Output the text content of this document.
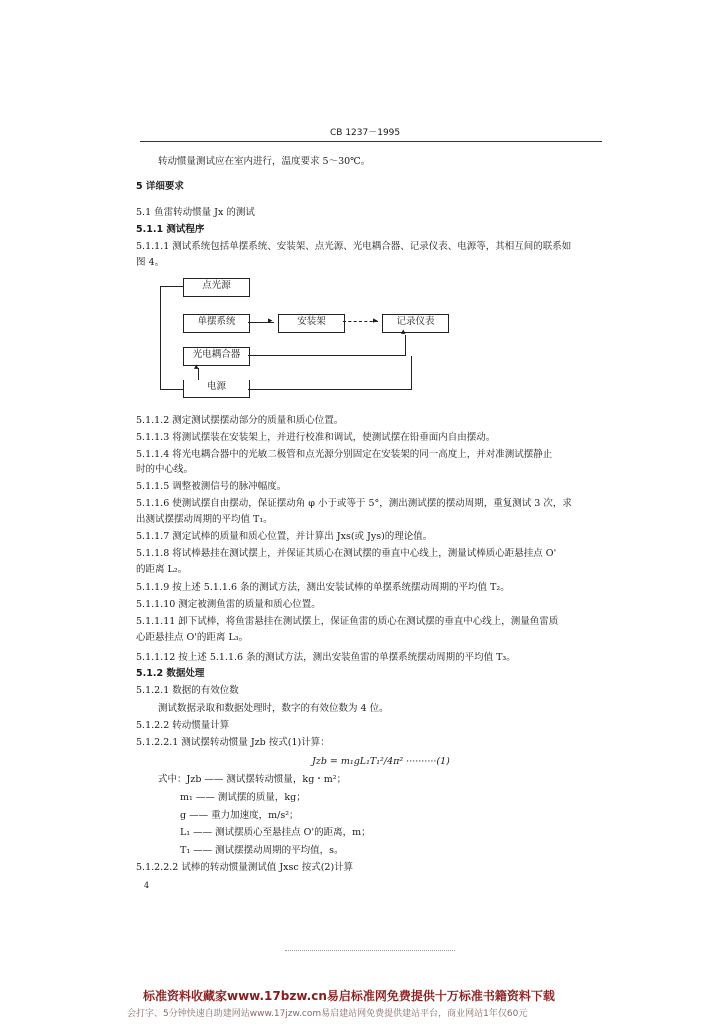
CB 1237－1995
转动惯量测试应在室内进行，温度要求 5～30℃。
5 详细要求
5.1 鱼雷转动惯量 Jx 的测试
5.1.1 测试程序
5.1.1.1 测试系统包括单摆系统、安装架、点光源、光电耦合器、记录仪表、电源等，其相互间的联系如
图 4。
点光源
单摆系统	安装架	记录仪表
光电耦合器
电源
▸	▸
▴
▴
5.1.1.2 测定测试摆摆动部分的质量和质心位置。
5.1.1.3 将测试摆装在安装架上，并进行校准和调试，使测试摆在铅垂面内自由摆动。
5.1.1.4 将光电耦合器中的光敏二极管和点光源分别固定在安装架的同一高度上，并对准测试摆静止
时的中心线。
5.1.1.5 调整被测信号的脉冲幅度。
5.1.1.6 使测试摆自由摆动，保证摆动角 φ 小于或等于 5°，测出测试摆的摆动周期，重复测试 3 次，求
出测试摆摆动周期的平均值 T₁。
5.1.1.7 测定试棒的质量和质心位置，并计算出 Jxs(或 Jys)的理论值。
5.1.1.8 将试棒悬挂在测试摆上，并保证其质心在测试摆的垂直中心线上，测量试棒质心距悬挂点 O'
的距离 L₂。
5.1.1.9 按上述 5.1.1.6 条的测试方法，测出安装试棒的单摆系统摆动周期的平均值 T₂。
5.1.1.10 测定被测鱼雷的质量和质心位置。
5.1.1.11 卸下试棒，将鱼雷悬挂在测试摆上，保证鱼雷的质心在测试摆的垂直中心线上，测量鱼雷质
心距悬挂点 O'的距离 L₃。
5.1.1.12 按上述 5.1.1.6 条的测试方法，测出安装鱼雷的单摆系统摆动周期的平均值 T₃。
5.1.2 数据处理
5.1.2.1 数据的有效位数
测试数据录取和数据处理时，数字的有效位数为 4 位。
5.1.2.2 转动惯量计算
5.1.2.2.1 测试摆转动惯量 Jzb 按式(1)计算：
Jzb = m₁gL₁T₁²/4π² ··········(1)
式中：Jzb —— 测试摆转动惯量，kg・m²；
m₁ —— 测试摆的质量，kg；
g —— 重力加速度，m/s²；
L₁ —— 测试摆质心至悬挂点 O'的距离，m；
T₁ —— 测试摆摆动周期的平均值，s。
5.1.2.2.2 试棒的转动惯量测试值 Jxsc 按式(2)计算
4
标准资料收藏家www.17bzw.cn易启标准网免费提供十万标准书籍资料下载
会打字、5分钟快速自助建网站www.17jzw.com易启建站网免费提供建站平台，商业网站1年仅60元
